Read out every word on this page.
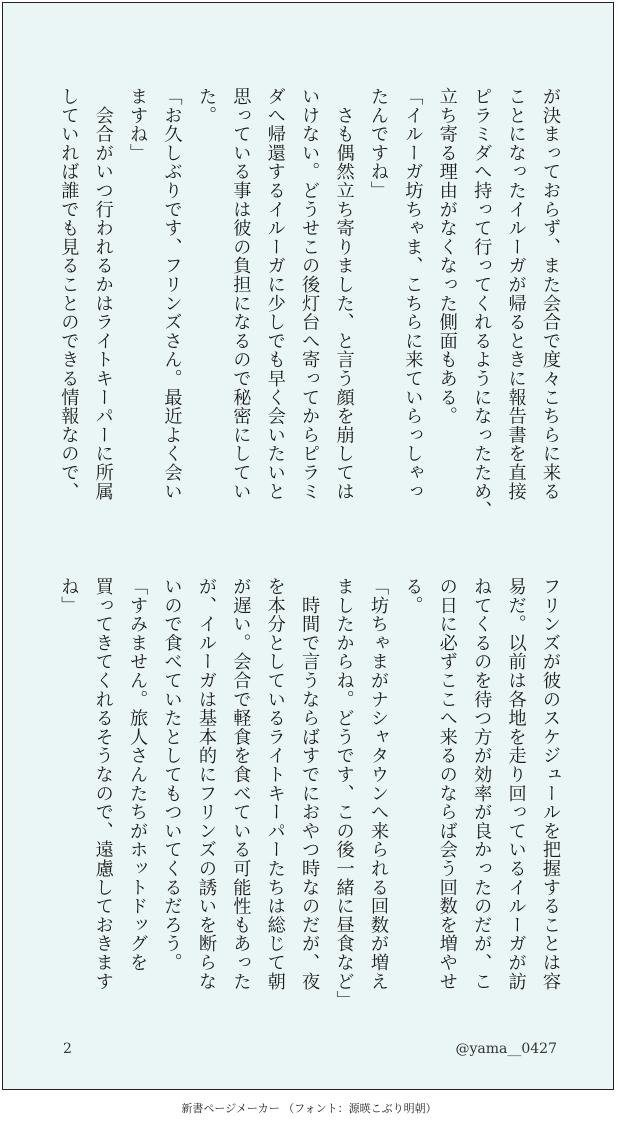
が決まっておらず、また会合で度々こちらに来る
ことになったイルーガが帰るときに報告書を直接
ピラミダへ持って行ってくれるようになったため、
立ち寄る理由がなくなった側面もある。
「イルーガ坊ちゃま、こちらに来ていらっしゃっ
たんですね」
　さも偶然立ち寄りました、と言う顔を崩しては
いけない。どうせこの後灯台へ寄ってからピラミ
ダへ帰還するイルーガに少しでも早く会いたいと
思っている事は彼の負担になるので秘密にしてい
た。
「お久しぶりです、フリンズさん。最近よく会い
ますね」
　会合がいつ行われるかはライトキーパーに所属
していれば誰でも見ることのできる情報なので、
フリンズが彼のスケジュールを把握することは容
易だ。以前は各地を走り回っているイルーガが訪
ねてくるのを待つ方が効率が良かったのだが、こ
の日に必ずここへ来るのならば会う回数を増やせ
る。
「坊ちゃまがナシャタウンへ来られる回数が増え
ましたからね。どうです、この後一緒に昼食など」
　時間で言うならばすでにおやつ時なのだが、夜
を本分としているライトキーパーたちは総じて朝
が遅い。会合で軽食を食べている可能性もあった
が、イルーガは基本的にフリンズの誘いを断らな
いので食べていたとしてもついてくるだろう。
「すみません。旅人さんたちがホットドッグを
買ってきてくれるそうなので、遠慮しておきます
ね」
2	@yama__0427
新書ページメーカー （フォント：源暎こぶり明朝）
